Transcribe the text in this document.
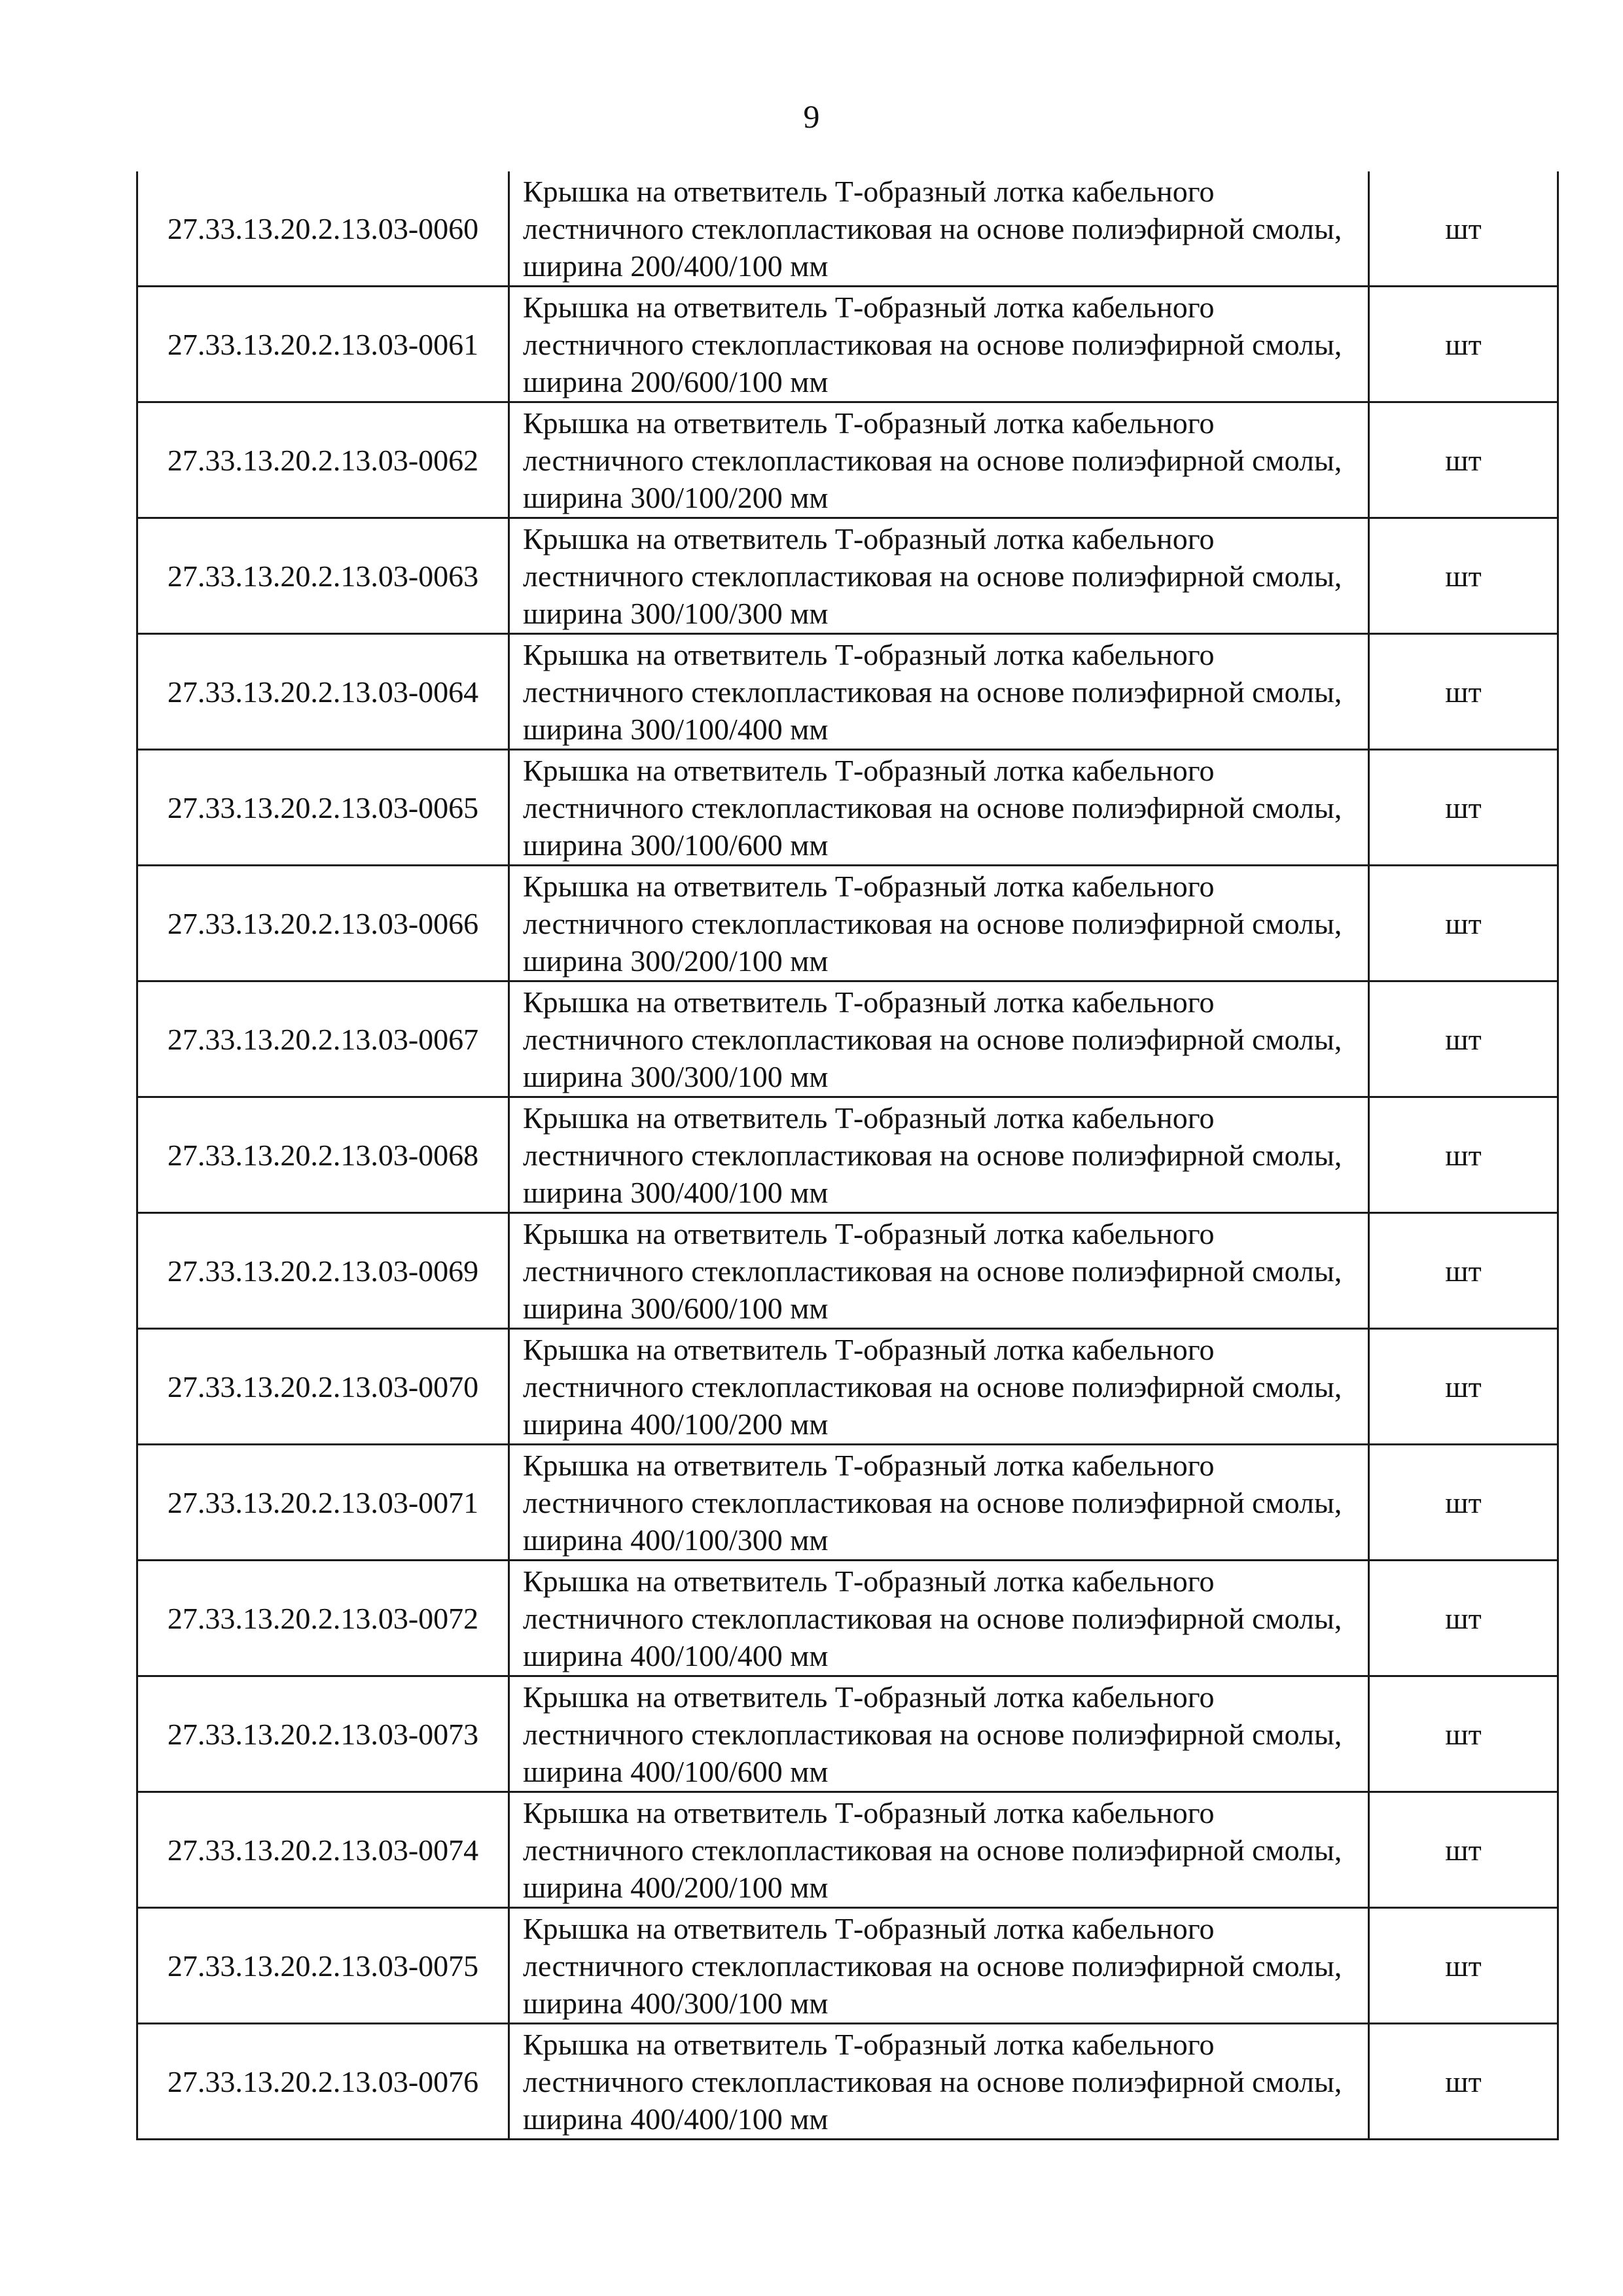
9
27.33.13.20.2.13.03-0060	Крышка на ответвитель Т-образный лотка кабельного лестничного стеклопластиковая на основе полиэфирной смолы, ширина 200/400/100 мм	шт
27.33.13.20.2.13.03-0061	Крышка на ответвитель Т-образный лотка кабельного лестничного стеклопластиковая на основе полиэфирной смолы, ширина 200/600/100 мм	шт
27.33.13.20.2.13.03-0062	Крышка на ответвитель Т-образный лотка кабельного лестничного стеклопластиковая на основе полиэфирной смолы, ширина 300/100/200 мм	шт
27.33.13.20.2.13.03-0063	Крышка на ответвитель Т-образный лотка кабельного лестничного стеклопластиковая на основе полиэфирной смолы, ширина 300/100/300 мм	шт
27.33.13.20.2.13.03-0064	Крышка на ответвитель Т-образный лотка кабельного лестничного стеклопластиковая на основе полиэфирной смолы, ширина 300/100/400 мм	шт
27.33.13.20.2.13.03-0065	Крышка на ответвитель Т-образный лотка кабельного лестничного стеклопластиковая на основе полиэфирной смолы, ширина 300/100/600 мм	шт
27.33.13.20.2.13.03-0066	Крышка на ответвитель Т-образный лотка кабельного лестничного стеклопластиковая на основе полиэфирной смолы, ширина 300/200/100 мм	шт
27.33.13.20.2.13.03-0067	Крышка на ответвитель Т-образный лотка кабельного лестничного стеклопластиковая на основе полиэфирной смолы, ширина 300/300/100 мм	шт
27.33.13.20.2.13.03-0068	Крышка на ответвитель Т-образный лотка кабельного лестничного стеклопластиковая на основе полиэфирной смолы, ширина 300/400/100 мм	шт
27.33.13.20.2.13.03-0069	Крышка на ответвитель Т-образный лотка кабельного лестничного стеклопластиковая на основе полиэфирной смолы, ширина 300/600/100 мм	шт
27.33.13.20.2.13.03-0070	Крышка на ответвитель Т-образный лотка кабельного лестничного стеклопластиковая на основе полиэфирной смолы, ширина 400/100/200 мм	шт
27.33.13.20.2.13.03-0071	Крышка на ответвитель Т-образный лотка кабельного лестничного стеклопластиковая на основе полиэфирной смолы, ширина 400/100/300 мм	шт
27.33.13.20.2.13.03-0072	Крышка на ответвитель Т-образный лотка кабельного лестничного стеклопластиковая на основе полиэфирной смолы, ширина 400/100/400 мм	шт
27.33.13.20.2.13.03-0073	Крышка на ответвитель Т-образный лотка кабельного лестничного стеклопластиковая на основе полиэфирной смолы, ширина 400/100/600 мм	шт
27.33.13.20.2.13.03-0074	Крышка на ответвитель Т-образный лотка кабельного лестничного стеклопластиковая на основе полиэфирной смолы, ширина 400/200/100 мм	шт
27.33.13.20.2.13.03-0075	Крышка на ответвитель Т-образный лотка кабельного лестничного стеклопластиковая на основе полиэфирной смолы, ширина 400/300/100 мм	шт
27.33.13.20.2.13.03-0076	Крышка на ответвитель Т-образный лотка кабельного лестничного стеклопластиковая на основе полиэфирной смолы, ширина 400/400/100 мм	шт
